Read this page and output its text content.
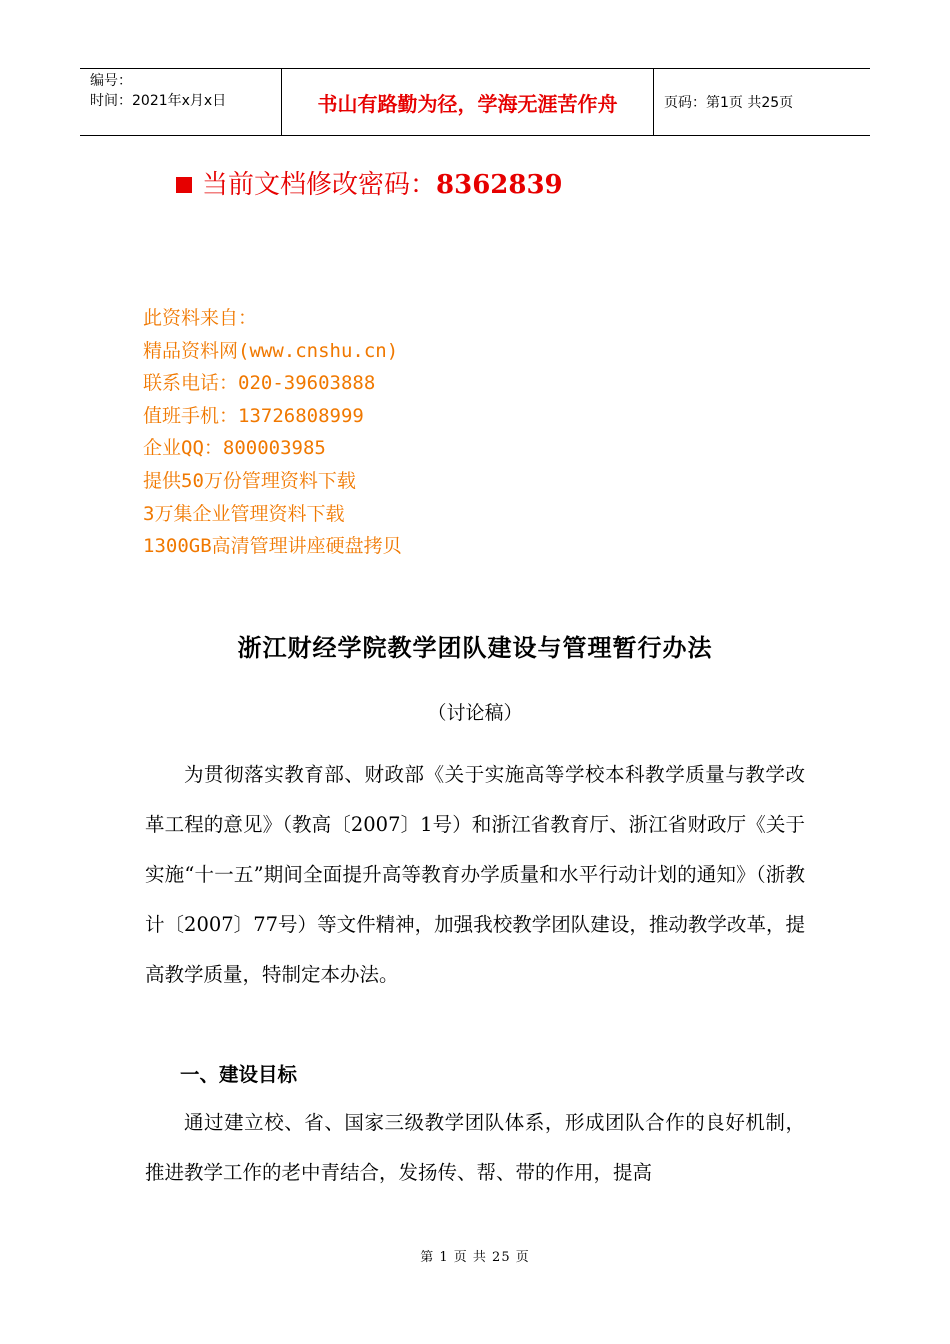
编号：
时间：2021年x月x日	书山有路勤为径，学海无涯苦作舟	页码：第1页 共25页
当前文档修改密码： 8362839
此资料来自：
精品资料网(www.cnshu.cn)
联系电话：020-39603888
值班手机：13726808999
企业QQ：800003985
提供50万份管理资料下载
3万集企业管理资料下载
1300GB高清管理讲座硬盘拷贝
浙江财经学院教学团队建设与管理暂行办法
（讨论稿）

为贯彻落实教育部、财政部《关于实施高等学校本科教学质量与教学改革工程的意见》（教高〔2007〕1号）和浙江省教育厅、浙江省财政厅《关于实施“十一五”期间全面提升高等教育办学质量和水平行动计划的通知》（浙教计〔2007〕77号）等文件精神，加强我校教学团队建设，推动教学改革，提高教学质量，特制定本办法。

一、建设目标

通过建立校、省、国家三级教学团队体系，形成团队合作的良好机制，推进教学工作的老中青结合，发扬传、帮、带的作用，提高

第 1 页 共 25 页
